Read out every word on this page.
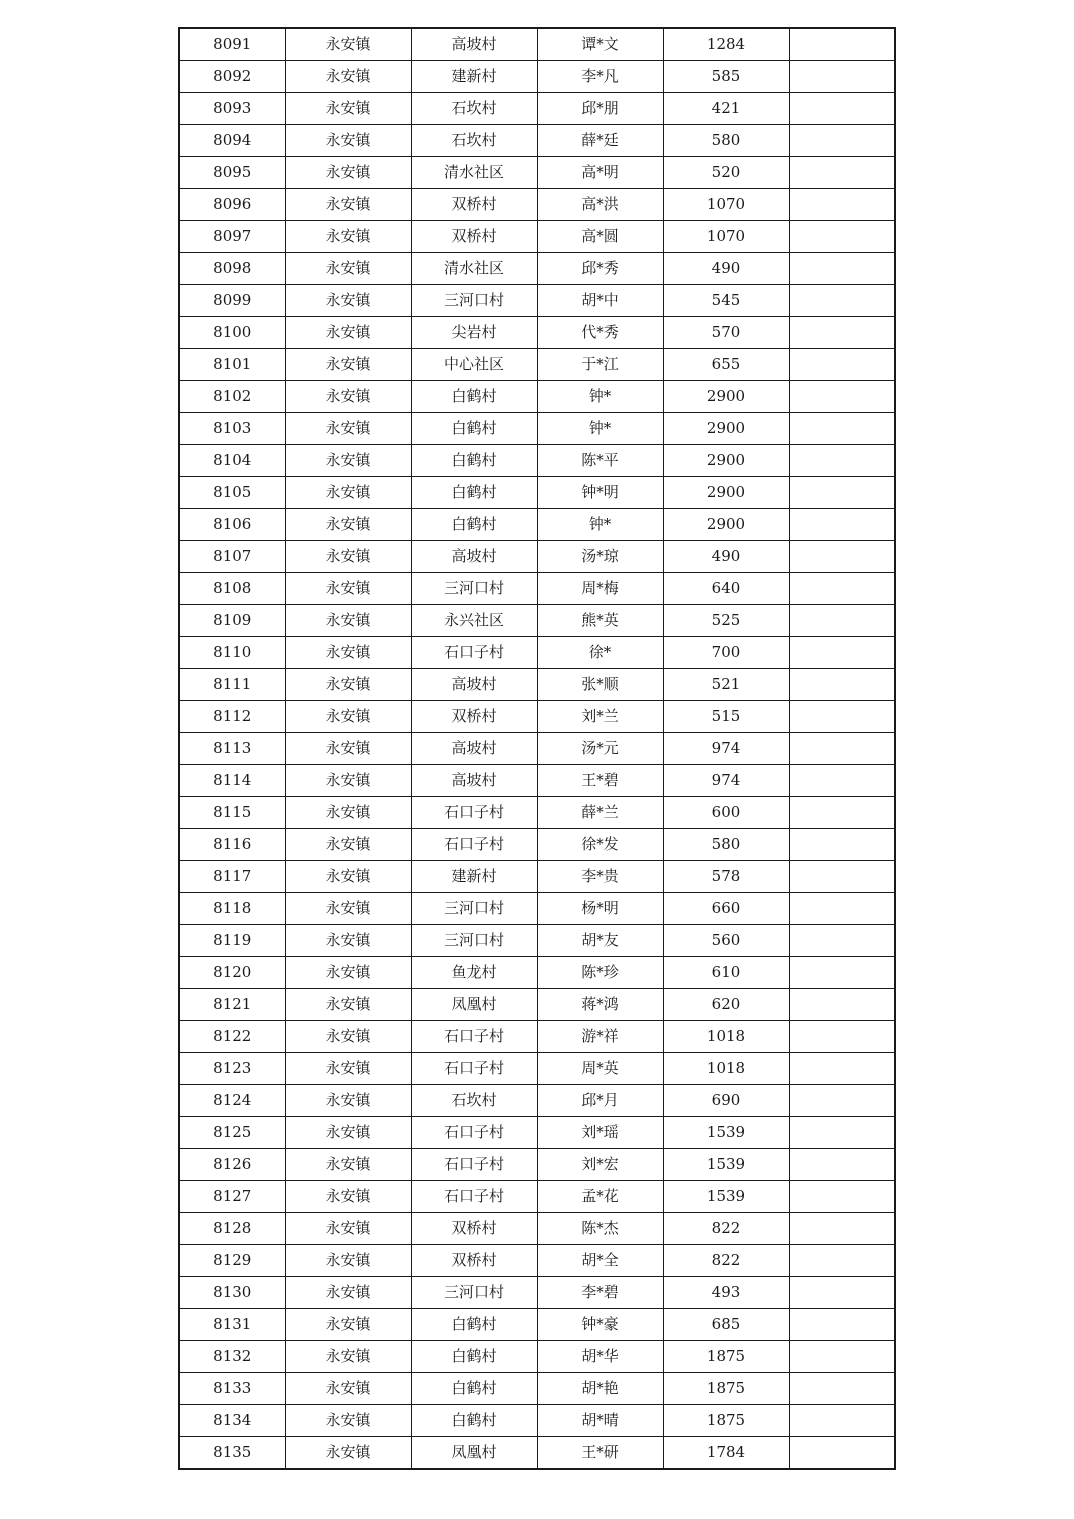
8091	永安镇	高坡村	谭*文	1284	
8092	永安镇	建新村	李*凡	585	
8093	永安镇	石坎村	邱*朋	421	
8094	永安镇	石坎村	薛*廷	580	
8095	永安镇	清水社区	高*明	520	
8096	永安镇	双桥村	高*洪	1070	
8097	永安镇	双桥村	高*圆	1070	
8098	永安镇	清水社区	邱*秀	490	
8099	永安镇	三河口村	胡*中	545	
8100	永安镇	尖岩村	代*秀	570	
8101	永安镇	中心社区	于*江	655	
8102	永安镇	白鹤村	钟*	2900	
8103	永安镇	白鹤村	钟*	2900	
8104	永安镇	白鹤村	陈*平	2900	
8105	永安镇	白鹤村	钟*明	2900	
8106	永安镇	白鹤村	钟*	2900	
8107	永安镇	高坡村	汤*琼	490	
8108	永安镇	三河口村	周*梅	640	
8109	永安镇	永兴社区	熊*英	525	
8110	永安镇	石口子村	徐*	700	
8111	永安镇	高坡村	张*顺	521	
8112	永安镇	双桥村	刘*兰	515	
8113	永安镇	高坡村	汤*元	974	
8114	永安镇	高坡村	王*碧	974	
8115	永安镇	石口子村	薛*兰	600	
8116	永安镇	石口子村	徐*发	580	
8117	永安镇	建新村	李*贵	578	
8118	永安镇	三河口村	杨*明	660	
8119	永安镇	三河口村	胡*友	560	
8120	永安镇	鱼龙村	陈*珍	610	
8121	永安镇	凤凰村	蒋*鸿	620	
8122	永安镇	石口子村	游*祥	1018	
8123	永安镇	石口子村	周*英	1018	
8124	永安镇	石坎村	邱*月	690	
8125	永安镇	石口子村	刘*瑶	1539	
8126	永安镇	石口子村	刘*宏	1539	
8127	永安镇	石口子村	孟*花	1539	
8128	永安镇	双桥村	陈*杰	822	
8129	永安镇	双桥村	胡*全	822	
8130	永安镇	三河口村	李*碧	493	
8131	永安镇	白鹤村	钟*豪	685	
8132	永安镇	白鹤村	胡*华	1875	
8133	永安镇	白鹤村	胡*艳	1875	
8134	永安镇	白鹤村	胡*晴	1875	
8135	永安镇	凤凰村	王*研	1784	
